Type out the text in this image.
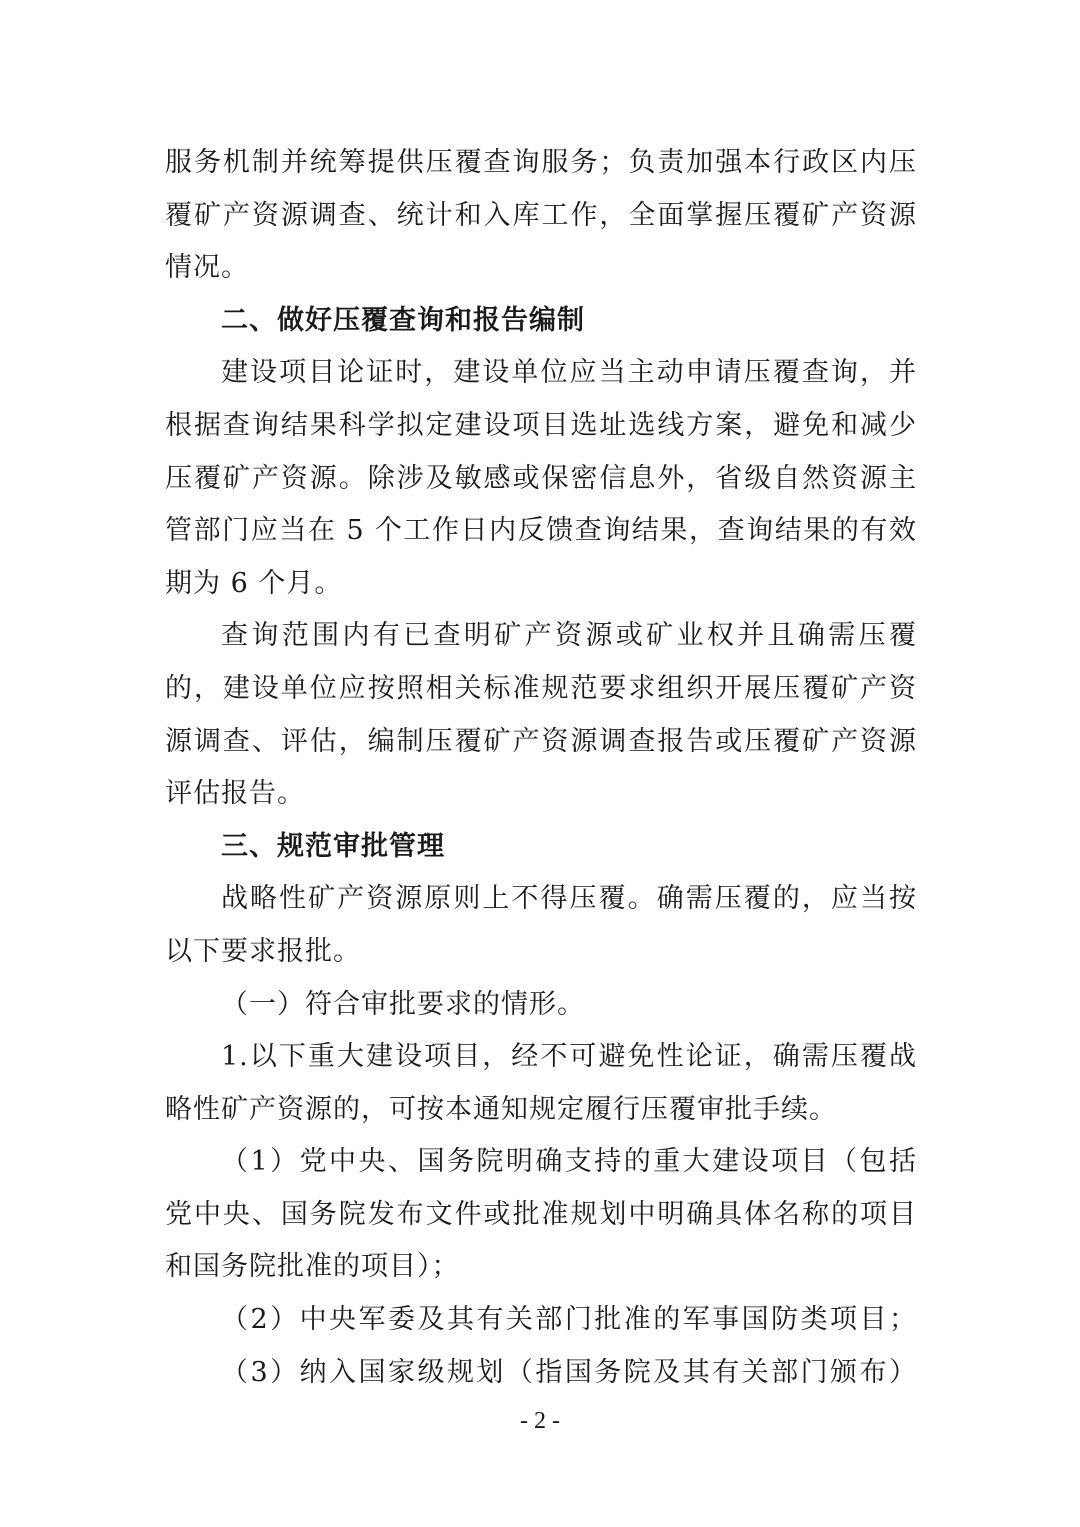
服务机制并统筹提供压覆查询服务；负责加强本行政区内压
覆矿产资源调查、统计和入库工作，全面掌握压覆矿产资源
情况。
二、做好压覆查询和报告编制
建设项目论证时，建设单位应当主动申请压覆查询，并
根据查询结果科学拟定建设项目选址选线方案，避免和减少
压覆矿产资源。除涉及敏感或保密信息外，省级自然资源主
管部门应当在 5 个工作日内反馈查询结果，查询结果的有效
期为 6 个月。
查询范围内有已查明矿产资源或矿业权并且确需压覆
的，建设单位应按照相关标准规范要求组织开展压覆矿产资
源调查、评估，编制压覆矿产资源调查报告或压覆矿产资源
评估报告。
三、规范审批管理
战略性矿产资源原则上不得压覆。确需压覆的，应当按
以下要求报批。
（一）符合审批要求的情形。
1.以下重大建设项目，经不可避免性论证，确需压覆战
略性矿产资源的，可按本通知规定履行压覆审批手续。
（1）党中央、国务院明确支持的重大建设项目（包括
党中央、国务院发布文件或批准规划中明确具体名称的项目
和国务院批准的项目）；
（2）中央军委及其有关部门批准的军事国防类项目；
（3）纳入国家级规划（指国务院及其有关部门颁布）
- 2 -
